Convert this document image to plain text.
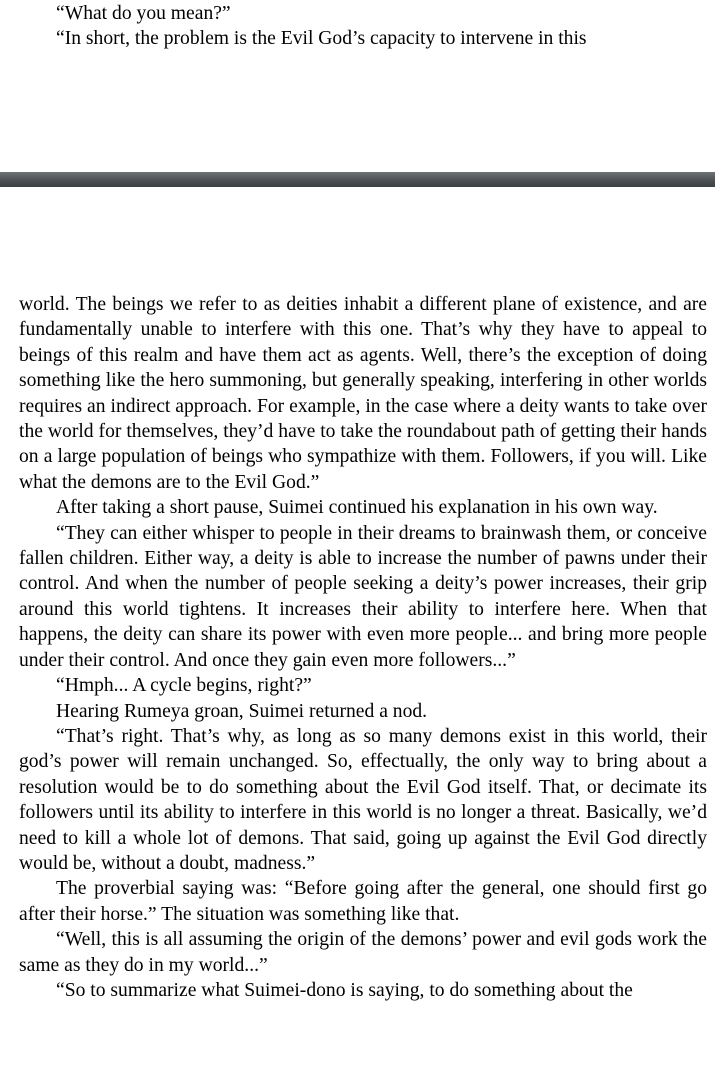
“What do you mean?”

“In short, the problem is the Evil God’s capacity to intervene in this

world. The beings we refer to as deities inhabit a different plane of existence, and are fundamentally unable to interfere with this one. That’s why they have to appeal to beings of this realm and have them act as agents. Well, there’s the exception of doing something like the hero summoning, but generally speaking, interfering in other worlds requires an indirect approach. For example, in the case where a deity wants to take over the world for themselves, they’d have to take the roundabout path of getting their hands on a large population of beings who sympathize with them. Followers, if you will. Like what the demons are to the Evil God.”

After taking a short pause, Suimei continued his explanation in his own way.

“They can either whisper to people in their dreams to brainwash them, or conceive fallen children. Either way, a deity is able to increase the number of pawns under their control. And when the number of people seeking a deity’s power increases, their grip around this world tightens. It increases their ability to interfere here. When that happens, the deity can share its power with even more people... and bring more people under their control. And once they gain even more followers...”

“Hmph... A cycle begins, right?”

Hearing Rumeya groan, Suimei returned a nod.

“That’s right. That’s why, as long as so many demons exist in this world, their god’s power will remain unchanged. So, effectually, the only way to bring about a resolution would be to do something about the Evil God itself. That, or decimate its followers until its ability to interfere in this world is no longer a threat. Basically, we’d need to kill a whole lot of demons. That said, going up against the Evil God directly would be, without a doubt, madness.”

The proverbial saying was: “Before going after the general, one should first go after their horse.” The situation was something like that.

“Well, this is all assuming the origin of the demons’ power and evil gods work the same as they do in my world...”

“So to summarize what Suimei-dono is saying, to do something about the
